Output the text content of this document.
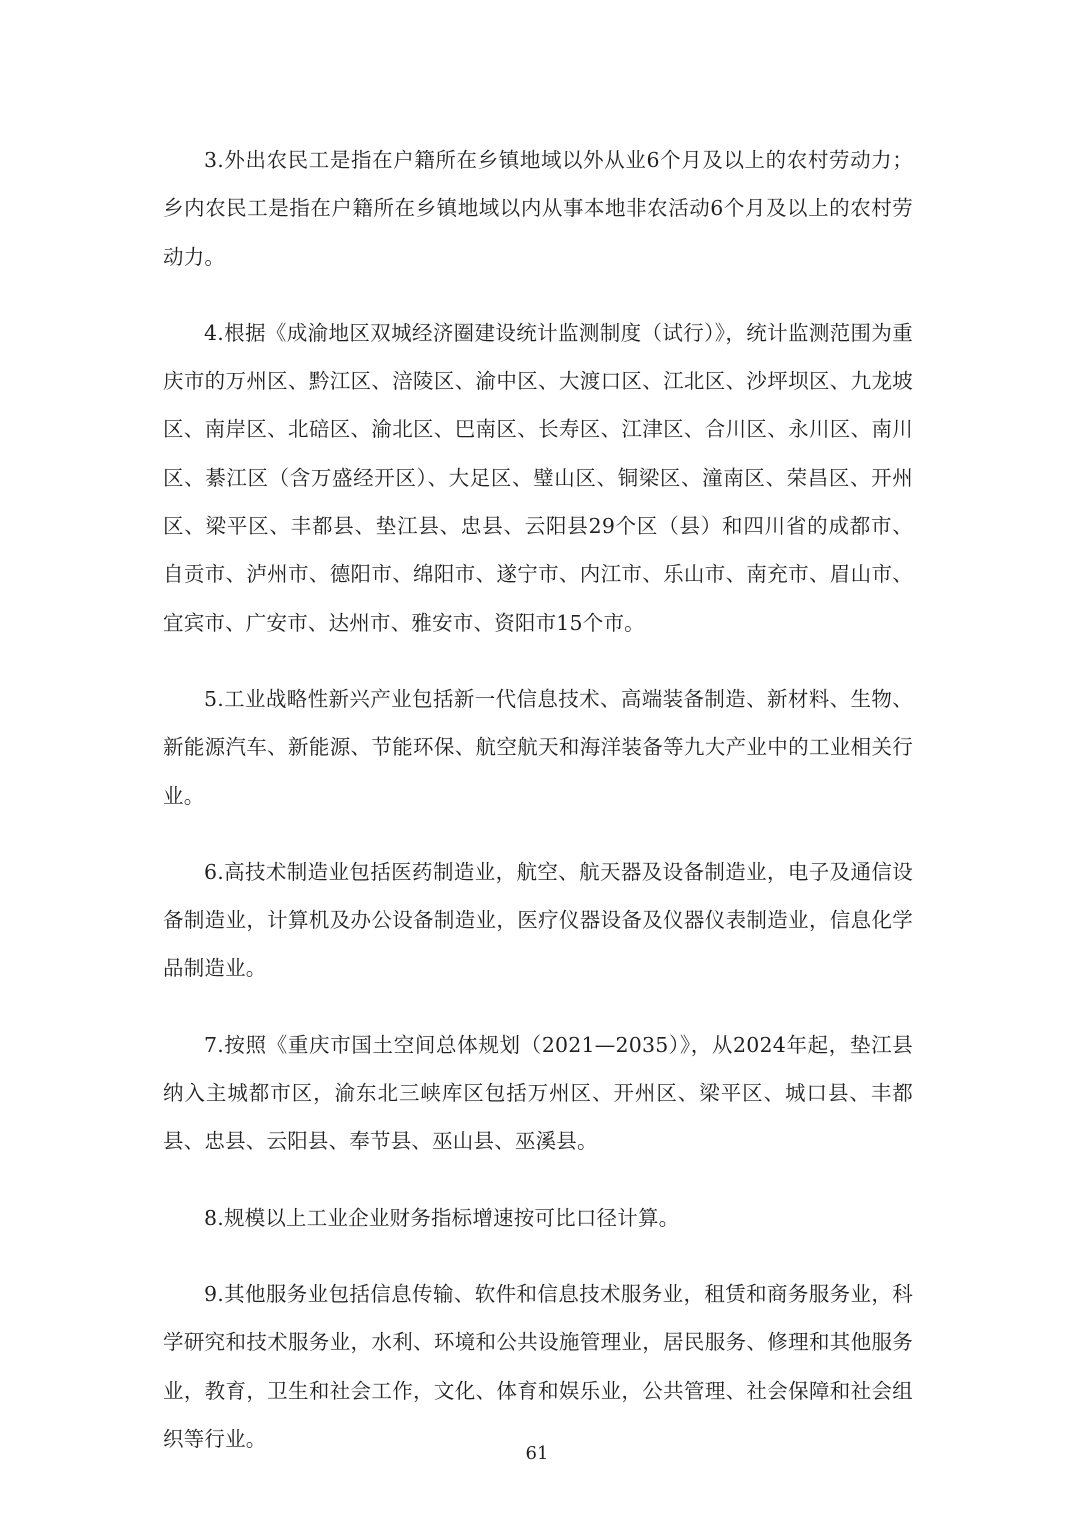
3.外出农民工是指在户籍所在乡镇地域以外从业6个月及以上的农村劳动力；乡内农民工是指在户籍所在乡镇地域以内从事本地非农活动6个月及以上的农村劳动力。

4.根据《成渝地区双城经济圈建设统计监测制度（试行）》，统计监测范围为重庆市的万州区、黔江区、涪陵区、渝中区、大渡口区、江北区、沙坪坝区、九龙坡区、南岸区、北碚区、渝北区、巴南区、长寿区、江津区、合川区、永川区、南川区、綦江区（含万盛经开区）、大足区、璧山区、铜梁区、潼南区、荣昌区、开州区、梁平区、丰都县、垫江县、忠县、云阳县29个区（县）和四川省的成都市、自贡市、泸州市、德阳市、绵阳市、遂宁市、内江市、乐山市、南充市、眉山市、宜宾市、广安市、达州市、雅安市、资阳市15个市。

5.工业战略性新兴产业包括新一代信息技术、高端装备制造、新材料、生物、新能源汽车、新能源、节能环保、航空航天和海洋装备等九大产业中的工业相关行业。

6.高技术制造业包括医药制造业，航空、航天器及设备制造业，电子及通信设备制造业，计算机及办公设备制造业，医疗仪器设备及仪器仪表制造业，信息化学品制造业。

7.按照《重庆市国土空间总体规划（2021—2035）》，从2024年起，垫江县纳入主城都市区，渝东北三峡库区包括万州区、开州区、梁平区、城口县、丰都县、忠县、云阳县、奉节县、巫山县、巫溪县。

8.规模以上工业企业财务指标增速按可比口径计算。

9.其他服务业包括信息传输、软件和信息技术服务业，租赁和商务服务业，科学研究和技术服务业，水利、环境和公共设施管理业，居民服务、修理和其他服务业，教育，卫生和社会工作，文化、体育和娱乐业，公共管理、社会保障和社会组织等行业。

61
